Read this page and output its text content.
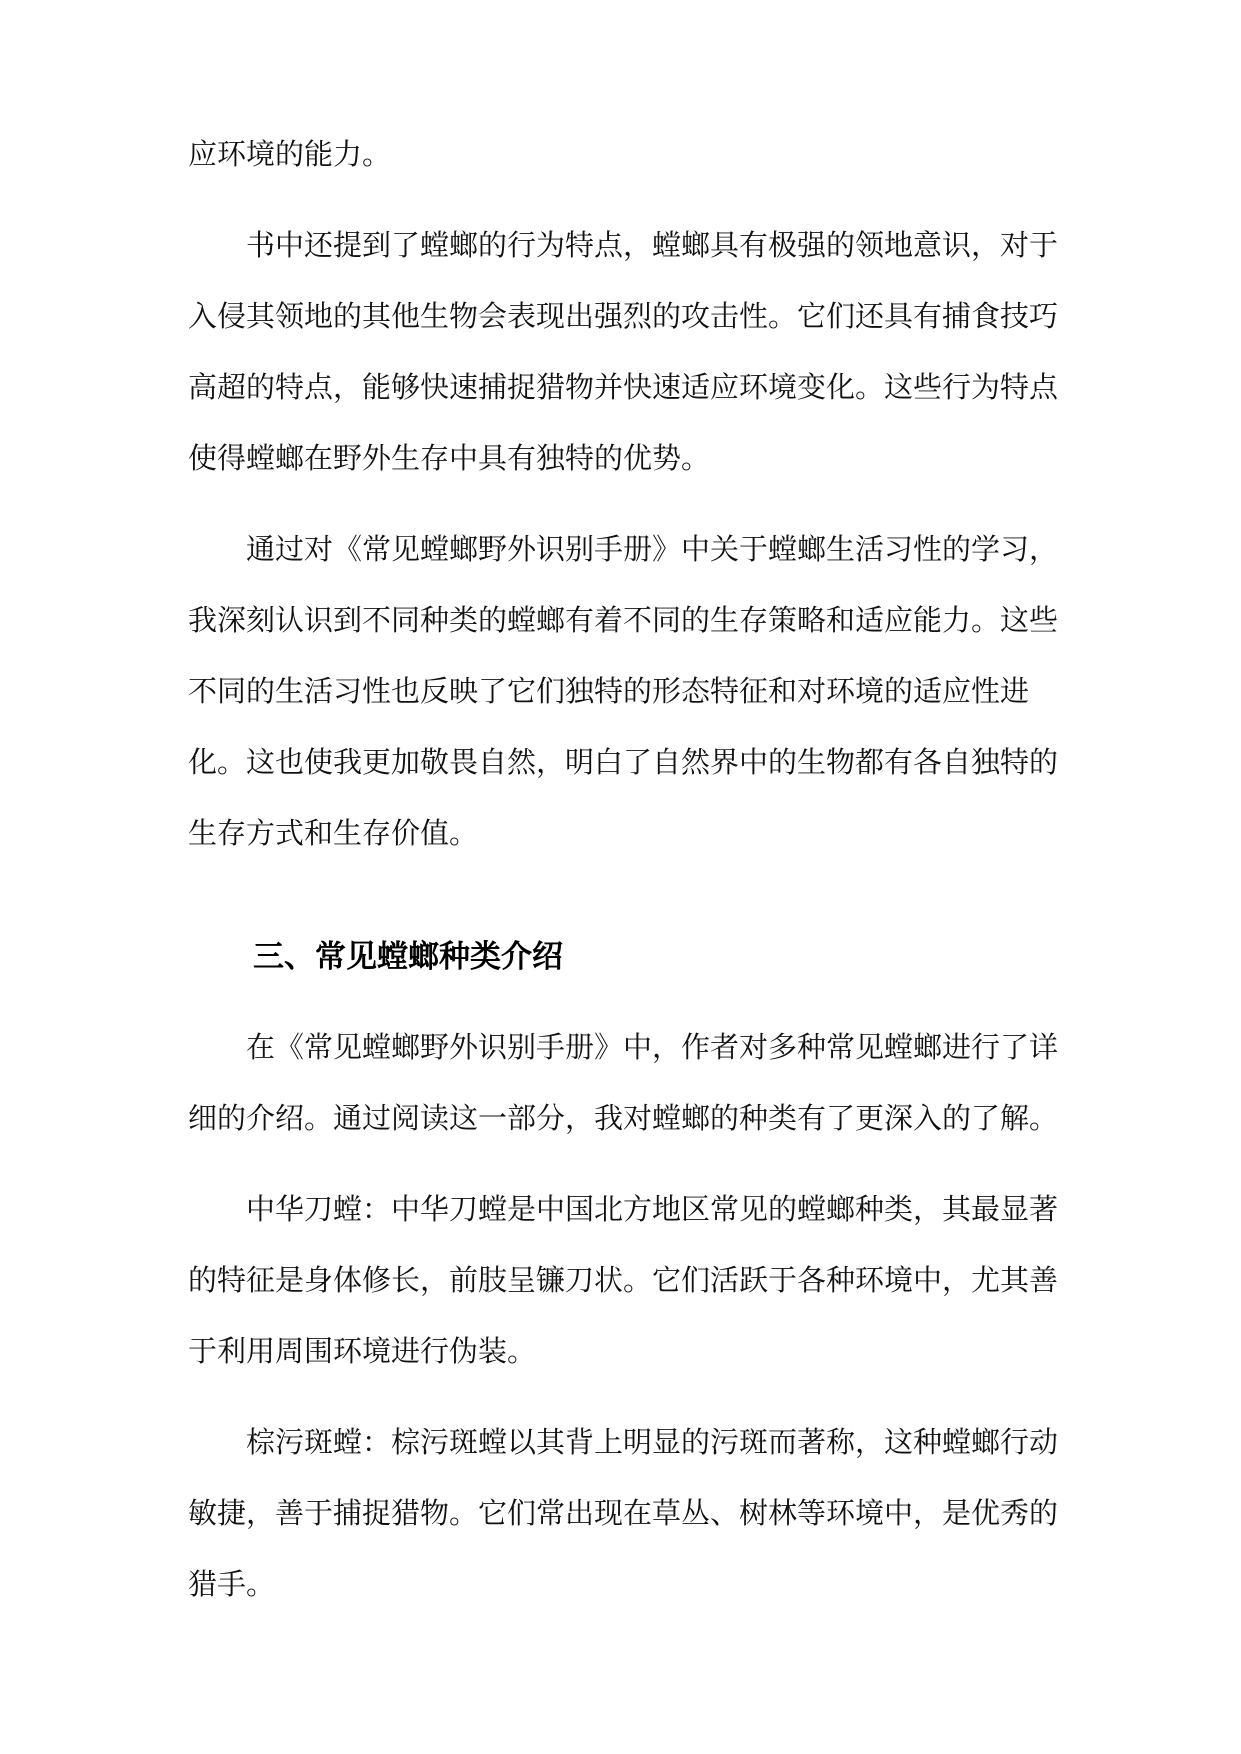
应环境的能力。

书中还提到了螳螂的行为特点，螳螂具有极强的领地意识，对于

入侵其领地的其他生物会表现出强烈的攻击性。它们还具有捕食技巧

高超的特点，能够快速捕捉猎物并快速适应环境变化。这些行为特点

使得螳螂在野外生存中具有独特的优势。

通过对《常见螳螂野外识别手册》中关于螳螂生活习性的学习，

我深刻认识到不同种类的螳螂有着不同的生存策略和适应能力。这些

不同的生活习性也反映了它们独特的形态特征和对环境的适应性进

化。这也使我更加敬畏自然，明白了自然界中的生物都有各自独特的

生存方式和生存价值。

三、常见螳螂种类介绍

在《常见螳螂野外识别手册》中，作者对多种常见螳螂进行了详

细的介绍。通过阅读这一部分，我对螳螂的种类有了更深入的了解。

中华刀螳：中华刀螳是中国北方地区常见的螳螂种类，其最显著

的特征是身体修长，前肢呈镰刀状。它们活跃于各种环境中，尤其善

于利用周围环境进行伪装。

棕污斑螳：棕污斑螳以其背上明显的污斑而著称，这种螳螂行动

敏捷，善于捕捉猎物。它们常出现在草丛、树林等环境中，是优秀的

猎手。
